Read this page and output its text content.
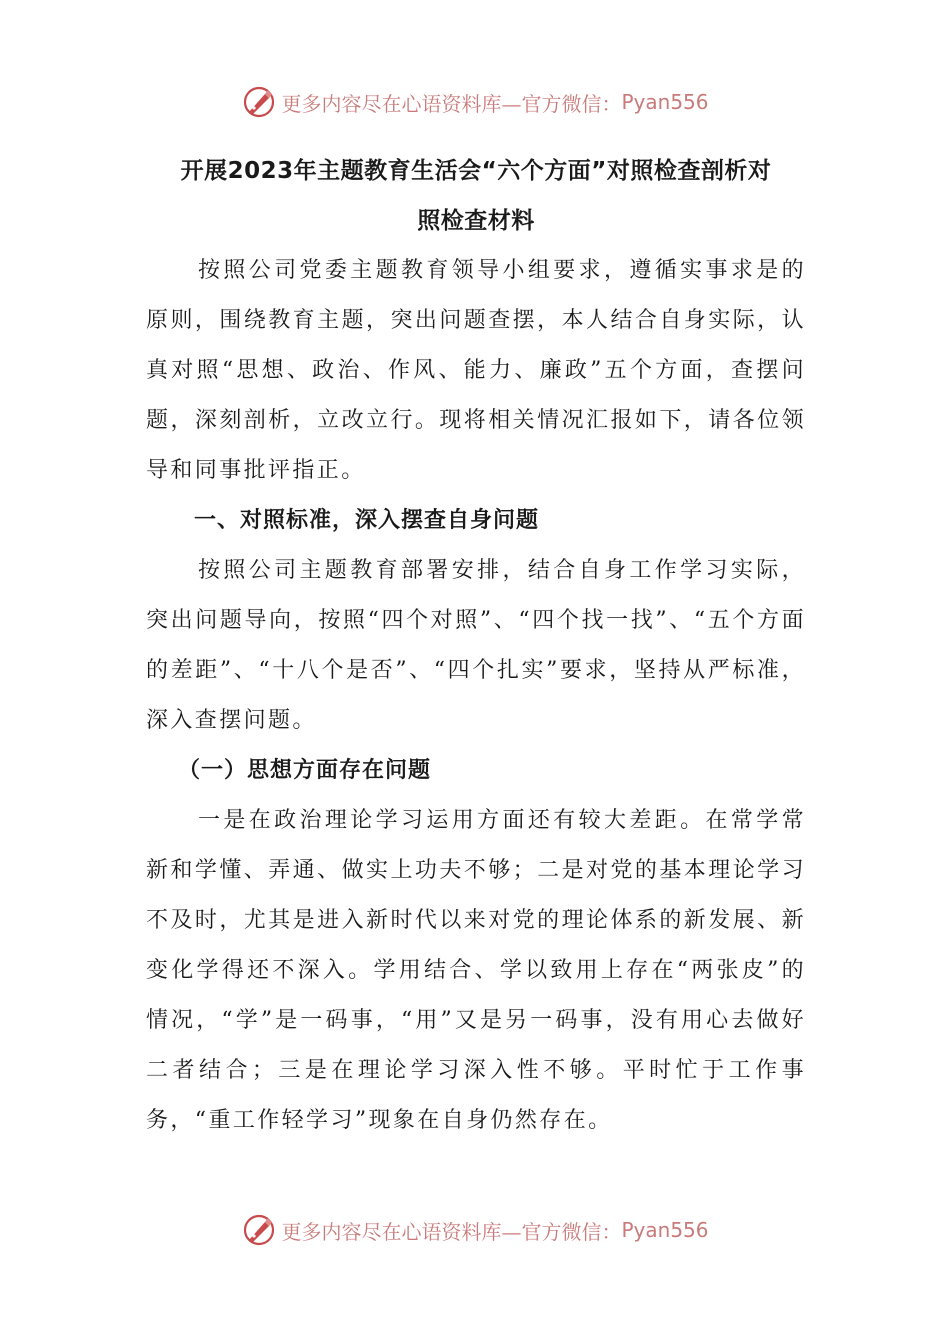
更多内容尽在心语资料库—官方微信： Pyan556
开展2023年主题教育生活会“六个方面”对照检查剖析对
照检查材料

按照公司党委主题教育领导小组要求，遵循实事求是的原则，围绕教育主题，突出问题查摆，本人结合自身实际，认真对照“思想、政治、作风、能力、廉政”五个方面，查摆问题，深刻剖析，立改立行。现将相关情况汇报如下，请各位领导和同事批评指正。

一、对照标准，深入摆查自身问题

按照公司主题教育部署安排，结合自身工作学习实际，突出问题导向，按照“四个对照”、“四个找一找”、“五个方面的差距”、“十八个是否”、“四个扎实”要求，坚持从严标准，深入查摆问题。

（一）思想方面存在问题

一是在政治理论学习运用方面还有较大差距。在常学常新和学懂、弄通、做实上功夫不够；二是对党的基本理论学习不及时，尤其是进入新时代以来对党的理论体系的新发展、新变化学得还不深入。学用结合、学以致用上存在“两张皮”的情况，“学”是一码事，“用”又是另一码事，没有用心去做好二者结合；三是在理论学习深入性不够。平时忙于工作事务，“重工作轻学习”现象在自身仍然存在。

更多内容尽在心语资料库—官方微信： Pyan556
